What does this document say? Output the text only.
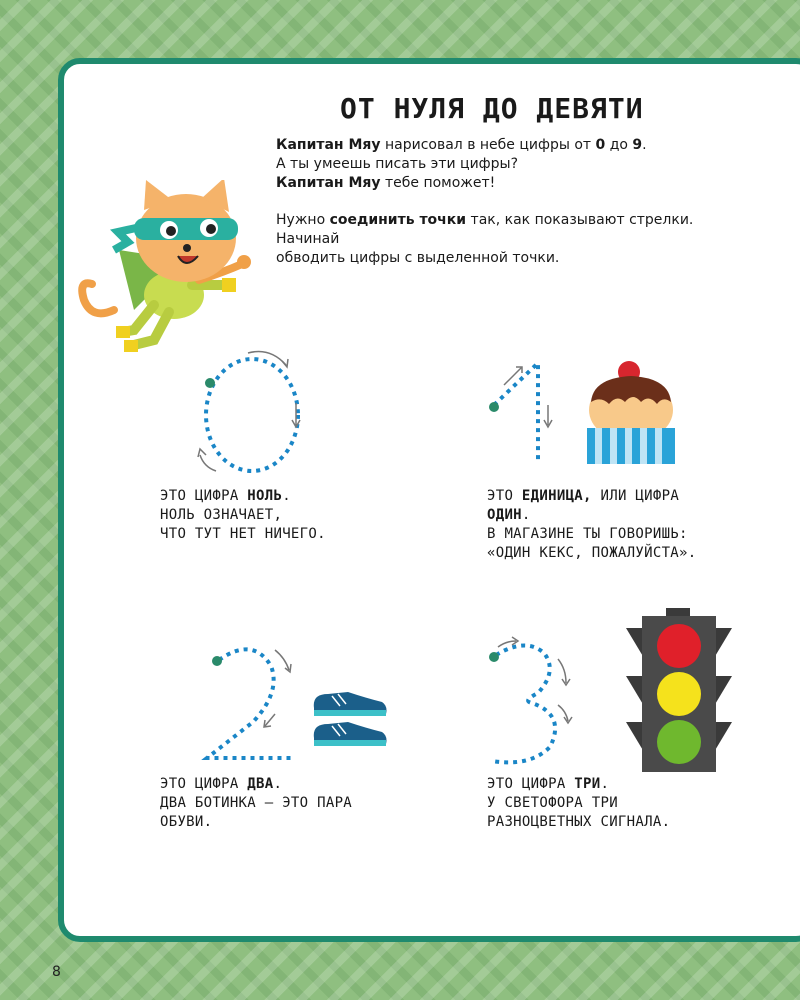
ОТ НУЛЯ ДО ДЕВЯТИ

Капитан Мяу нарисовал в небе цифры от 0 до 9.

А ты умеешь писать эти цифры?

Капитан Мяу тебе поможет!

Нужно соединить точки так, как показывают стрелки. Начинай

обводить цифры с выделенной точки.

ЭТО ЦИФРА НОЛЬ.

НОЛЬ ОЗНАЧАЕТ,

ЧТО ТУТ НЕТ НИЧЕГО.

ЭТО ЕДИНИЦА, ИЛИ ЦИФРА

ОДИН.

В МАГАЗИНЕ ТЫ ГОВОРИШЬ:

«ОДИН КЕКС, ПОЖАЛУЙСТА».

ЭТО ЦИФРА ДВА.

ДВА БОТИНКА — ЭТО ПАРА

ОБУВИ.

ЭТО ЦИФРА ТРИ.

У СВЕТОФОРА ТРИ

РАЗНОЦВЕТНЫХ СИГНАЛА.

8
